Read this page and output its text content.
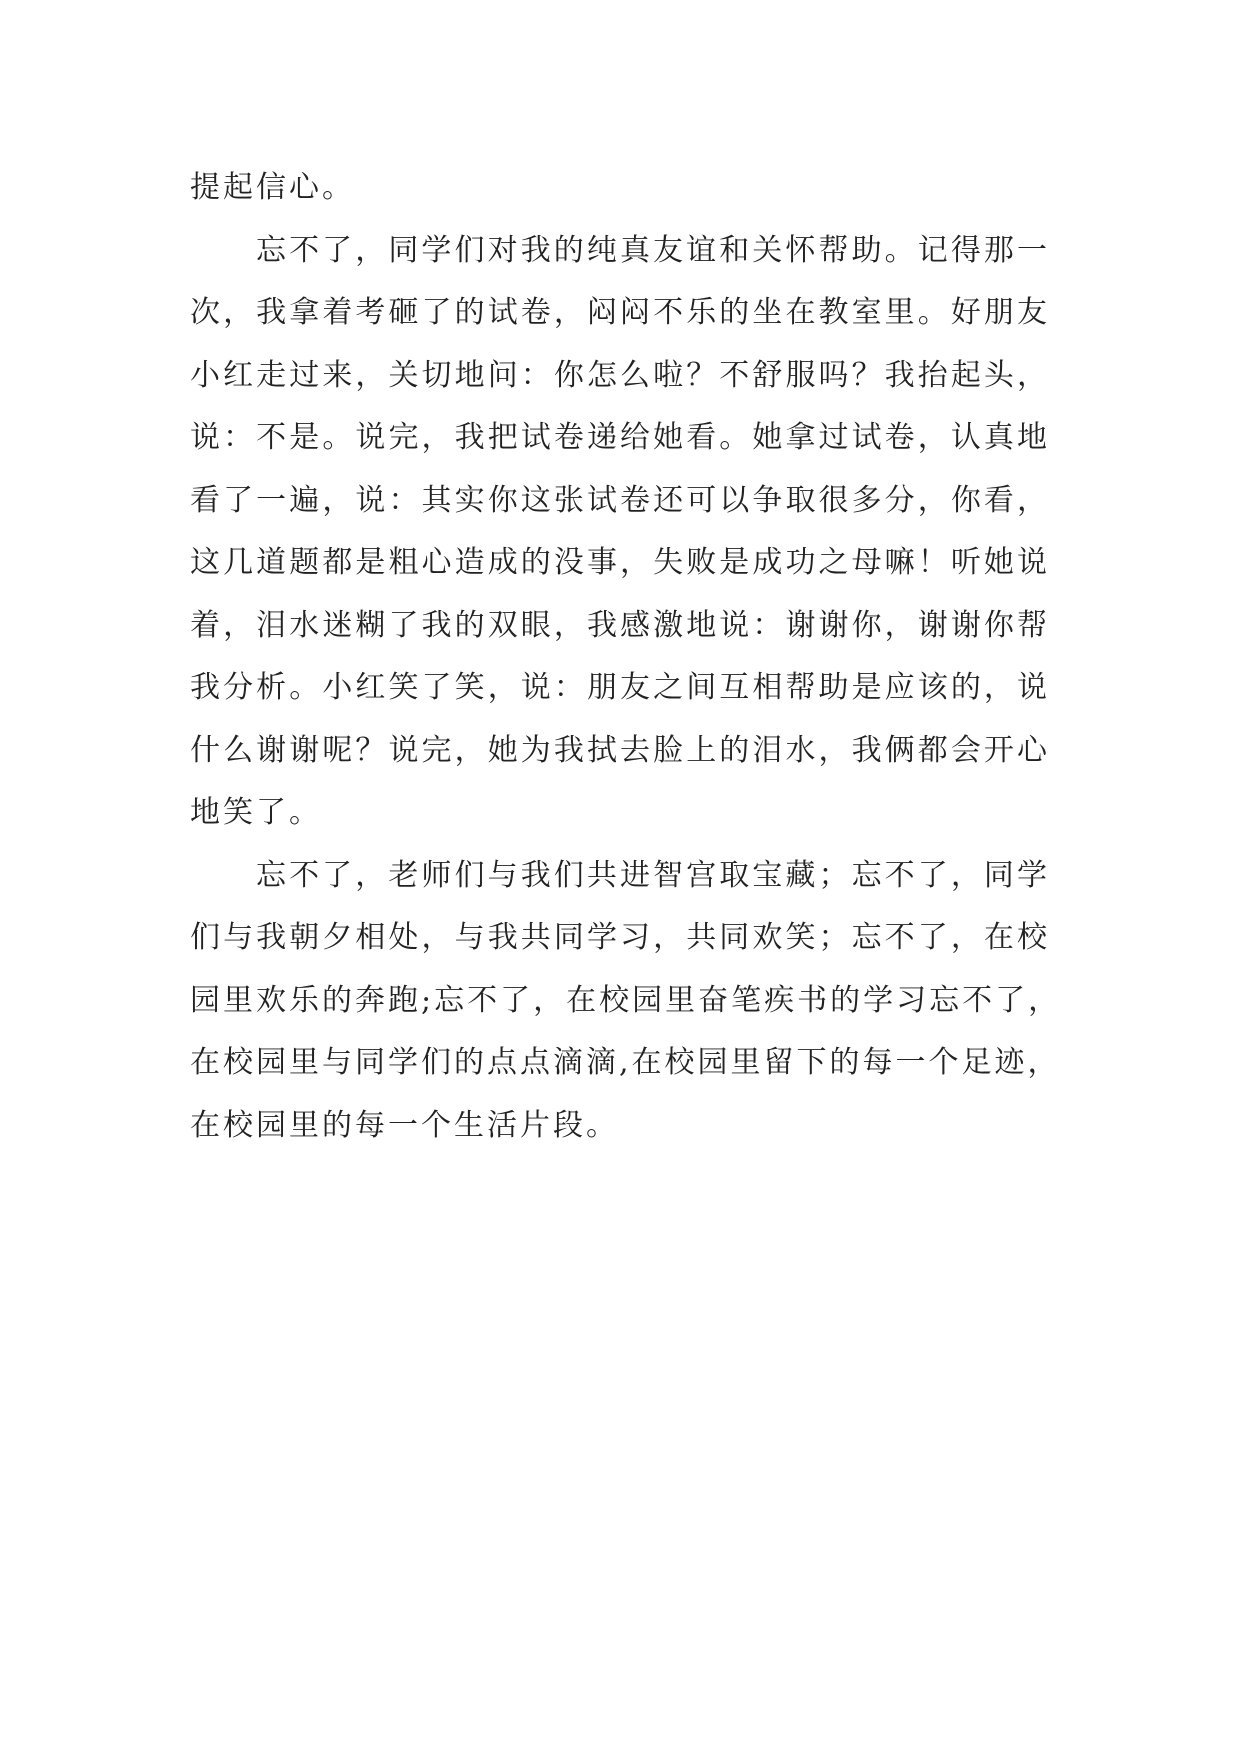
提起信心。
忘不了，同学们对我的纯真友谊和关怀帮助。记得那一
次，我拿着考砸了的试卷，闷闷不乐的坐在教室里。好朋友
小红走过来，关切地问：你怎么啦？不舒服吗？我抬起头，
说：不是。说完，我把试卷递给她看。她拿过试卷，认真地
看了一遍，说：其实你这张试卷还可以争取很多分，你看，
这几道题都是粗心造成的没事，失败是成功之母嘛！听她说
着，泪水迷糊了我的双眼，我感激地说：谢谢你，谢谢你帮
我分析。小红笑了笑，说：朋友之间互相帮助是应该的，说
什么谢谢呢？说完，她为我拭去脸上的泪水，我俩都会开心
地笑了。
忘不了，老师们与我们共进智宫取宝藏；忘不了，同学
们与我朝夕相处，与我共同学习，共同欢笑；忘不了，在校
园里欢乐的奔跑;忘不了，在校园里奋笔疾书的学习忘不了，
在校园里与同学们的点点滴滴,在校园里留下的每一个足迹，
在校园里的每一个生活片段。
